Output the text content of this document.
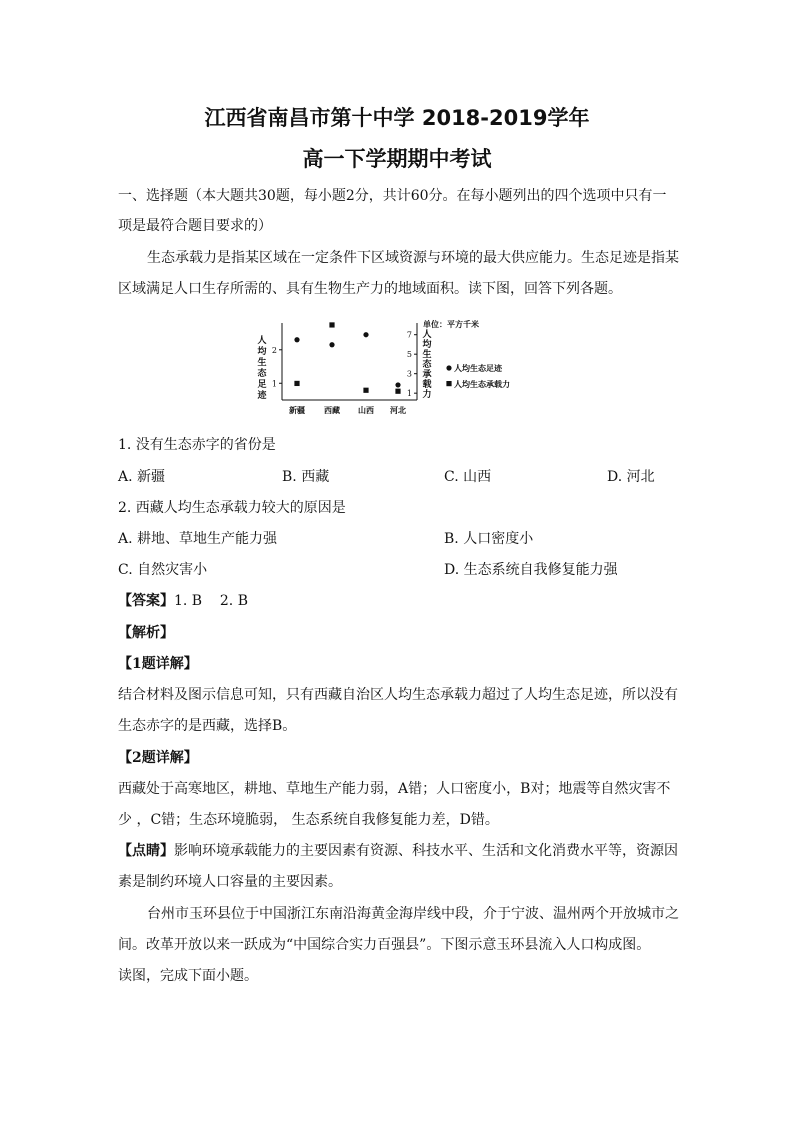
江西省南昌市第十中学 2018-2019学年
高一下学期期中考试
一、选择题（本大题共30题，每小题2分，共计60分。在每小题列出的四个选项中只有一
项是最符合题目要求的）
生态承载力是指某区域在一定条件下区域资源与环境的最大供应能力。生态足迹是指某
区域满足人口生存所需的、具有生物生产力的地域面积。读下图，回答下列各题。
1
2
1
3
5
7
人
均
生
态
足
迹
人
均
生
态
承
载
力
单位：平方千米
新疆 西藏 山西 河北
人均生态足迹
人均生态承载力
1. 没有生态赤字的省份是
A. 新疆	B. 西藏	C. 山西	D. 河北
2. 西藏人均生态承载力较大的原因是
A. 耕地、草地生产能力强	B. 人口密度小
C. 自然灾害小	D. 生态系统自我修复能力强
【答案】1. B    2. B
【解析】
【1题详解】
结合材料及图示信息可知，只有西藏自治区人均生态承载力超过了人均生态足迹，所以没有
生态赤字的是西藏，选择B。
【2题详解】
西藏处于高寒地区，耕地、草地生产能力弱，A错；人口密度小，B对；地震等自然灾害不
少 ，C错；生态环境脆弱， 生态系统自我修复能力差，D错。
【点睛】影响环境承载能力的主要因素有资源、科技水平、生活和文化消费水平等，资源因
素是制约环境人口容量的主要因素。
台州市玉环县位于中国浙江东南沿海黄金海岸线中段，介于宁波、温州两个开放城市之
间。改革开放以来一跃成为“中国综合实力百强县”。下图示意玉环县流入人口构成图。
读图，完成下面小题。
